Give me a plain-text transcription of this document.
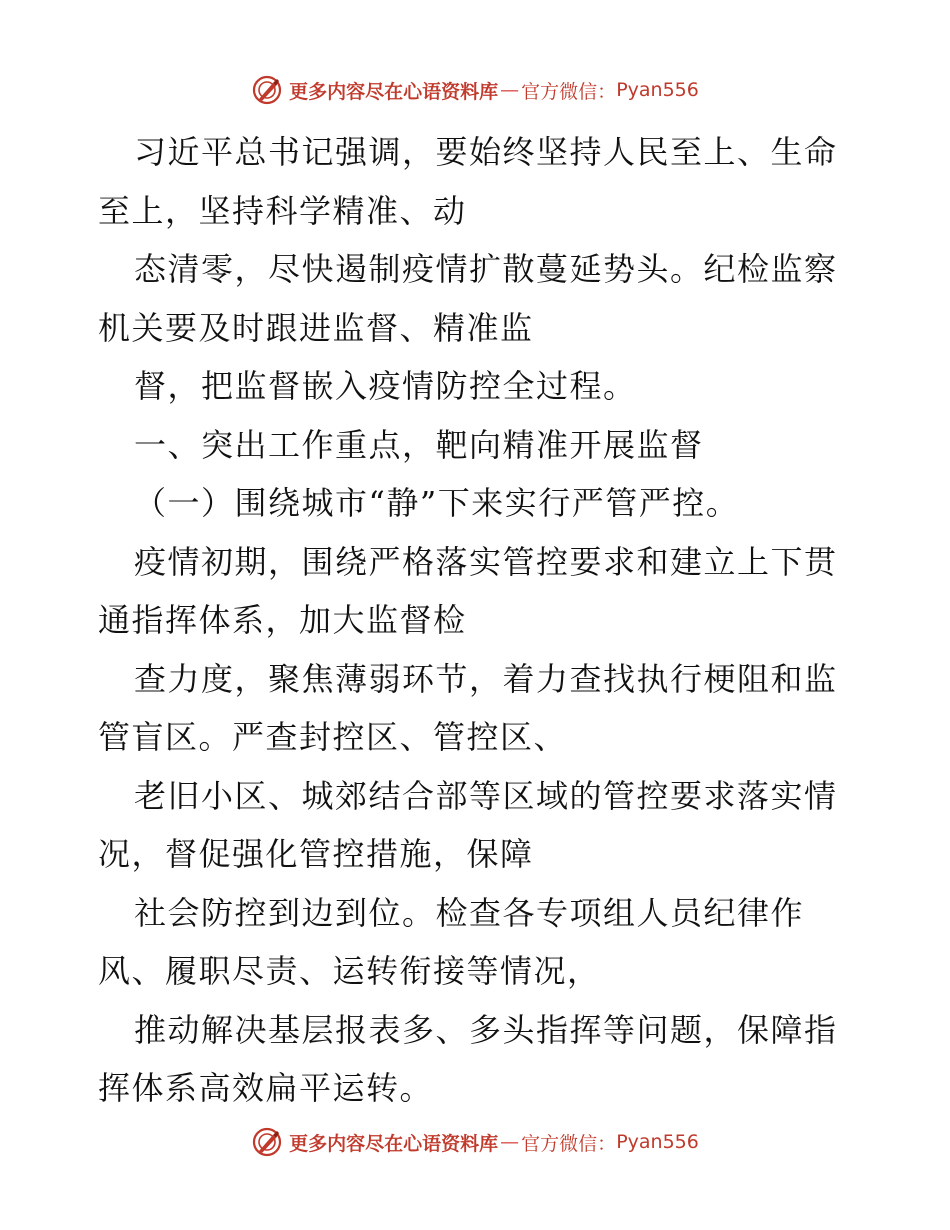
更多内容尽在心语资料库 — 官方微信： Pyan556
习近平总书记强调，要始终坚持人民至上、生命
至上，坚持科学精准、动
态清零，尽快遏制疫情扩散蔓延势头。纪检监察
机关要及时跟进监督、精准监
督，把监督嵌入疫情防控全过程。
一、突出工作重点，靶向精准开展监督
（一）围绕城市“静”下来实行严管严控。
疫情初期，围绕严格落实管控要求和建立上下贯
通指挥体系，加大监督检
查力度，聚焦薄弱环节，着力查找执行梗阻和监
管盲区。严查封控区、管控区、
老旧小区、城郊结合部等区域的管控要求落实情
况，督促强化管控措施，保障
社会防控到边到位。检查各专项组人员纪律作
风、履职尽责、运转衔接等情况，
推动解决基层报表多、多头指挥等问题，保障指
挥体系高效扁平运转。
更多内容尽在心语资料库 — 官方微信： Pyan556
